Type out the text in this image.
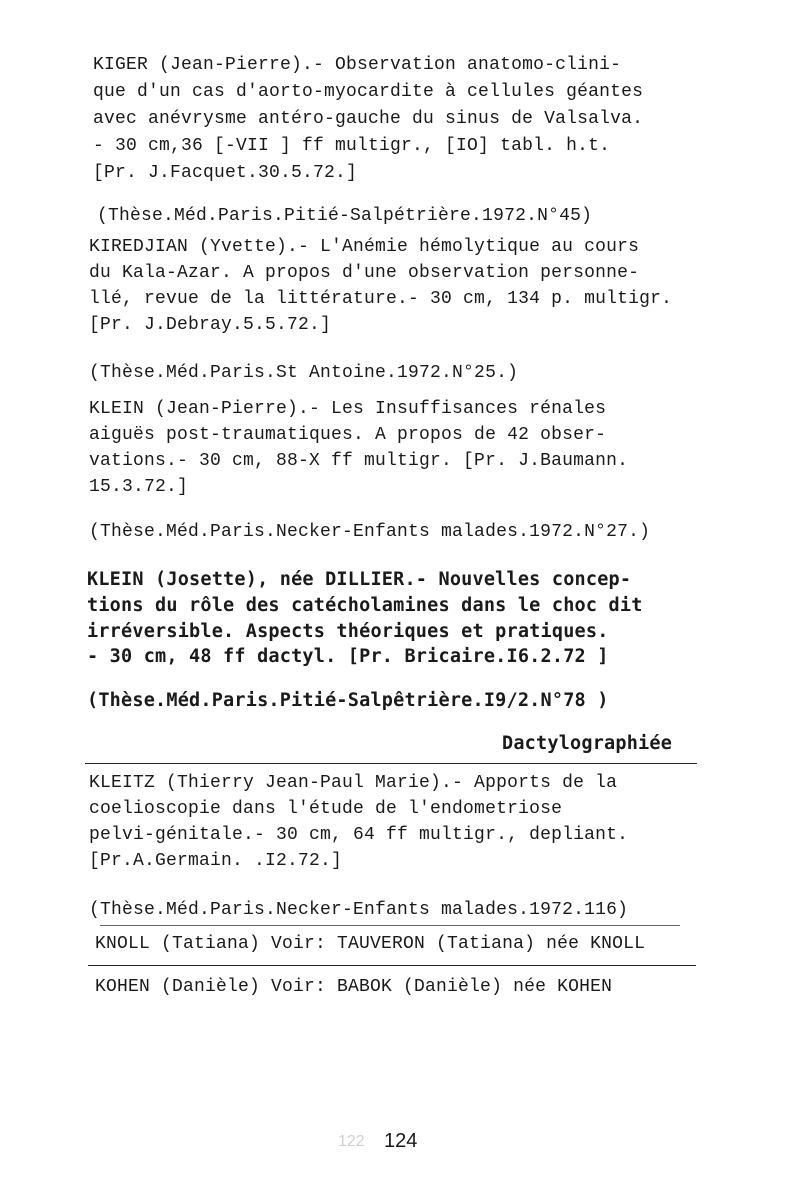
KIGER (Jean-Pierre).- Observation anatomo-clini-
que d'un cas d'aorto-myocardite à cellules géantes
avec anévrysme antéro-gauche du sinus de Valsalva.
- 30 cm,36 [-VII ] ff multigr., [IO] tabl. h.t.
[Pr. J.Facquet.30.5.72.]
(Thèse.Méd.Paris.Pitié-Salpétrière.1972.N°45)
KIREDJIAN (Yvette).- L'Anémie hémolytique au cours
du Kala-Azar. A propos d'une observation personne-
llé, revue de la littérature.- 30 cm, 134 p. multigr.
[Pr. J.Debray.5.5.72.]
(Thèse.Méd.Paris.St Antoine.1972.N°25.)
KLEIN (Jean-Pierre).- Les Insuffisances rénales
aiguës post-traumatiques. A propos de 42 obser-
vations.- 30 cm, 88-X ff multigr. [Pr. J.Baumann.
15.3.72.]
(Thèse.Méd.Paris.Necker-Enfants malades.1972.N°27.)
KLEIN (Josette), née DILLIER.- Nouvelles concep-
tions du rôle des catécholamines dans le choc dit
irréversible. Aspects théoriques et pratiques.
- 30 cm, 48 ff dactyl. [Pr. Bricaire.I6.2.72 ]
(Thèse.Méd.Paris.Pitié-Salpêtrière.I9/2.N°78 )
Dactylographiée
KLEITZ (Thierry Jean-Paul Marie).- Apports de la
coelioscopie dans l'étude de l'endometriose
pelvi-génitale.- 30 cm, 64 ff multigr., depliant.
[Pr.A.Germain. .I2.72.]
(Thèse.Méd.Paris.Necker-Enfants malades.1972.116)
KNOLL (Tatiana) Voir: TAUVERON (Tatiana) née KNOLL
KOHEN (Danièle) Voir: BABOK (Danièle) née KOHEN
122 124
